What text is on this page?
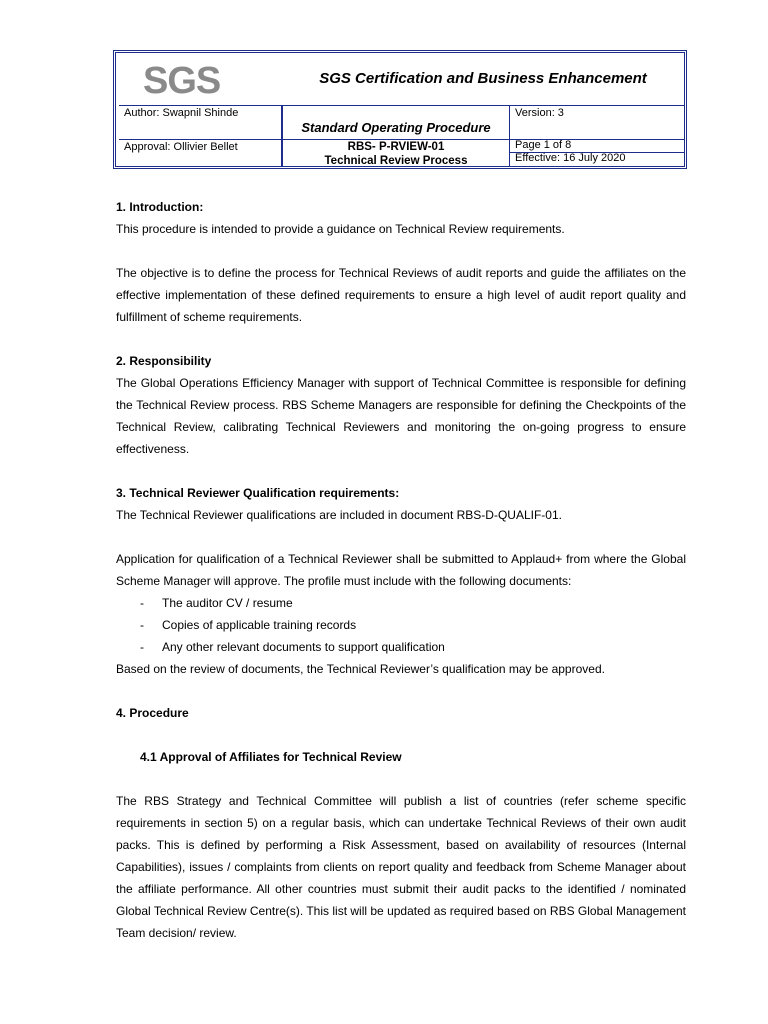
SGS	SGS Certification and Business Enhancement
Author: Swapnil Shinde
Standard Operating Procedure
Version: 3
Approval: Ollivier Bellet	RBS- P-RVIEW-01
Technical Review Process
Page 1 of 8
Effective: 16 July 2020

1. Introduction:

This procedure is intended to provide a guidance on Technical Review requirements.

The objective is to define the process for Technical Reviews of audit reports and guide the affiliates on the effective implementation of these defined requirements to ensure a high level of audit report quality and fulfillment of scheme requirements.

2. Responsibility

The Global Operations Efficiency Manager with support of Technical Committee is responsible for defining the Technical Review process. RBS Scheme Managers are responsible for defining the Checkpoints of the Technical Review, calibrating Technical Reviewers and monitoring the on-going progress to ensure effectiveness.

3. Technical Reviewer Qualification requirements:

The Technical Reviewer qualifications are included in document RBS-D-QUALIF-01.

Application for qualification of a Technical Reviewer shall be submitted to Applaud+ from where the Global Scheme Manager will approve. The profile must include with the following documents:

- The auditor CV / resume
- Copies of applicable training records
- Any other relevant documents to support qualification

Based on the review of documents, the Technical Reviewer’s qualification may be approved.

4. Procedure

4.1 Approval of Affiliates for Technical Review

The RBS Strategy and Technical Committee will publish a list of countries (refer scheme specific requirements in section 5) on a regular basis, which can undertake Technical Reviews of their own audit packs. This is defined by performing a Risk Assessment, based on availability of resources (Internal Capabilities), issues / complaints from clients on report quality and feedback from Scheme Manager about the affiliate performance. All other countries must submit their audit packs to the identified / nominated Global Technical Review Centre(s). This list will be updated as required based on RBS Global Management Team decision/ review.
